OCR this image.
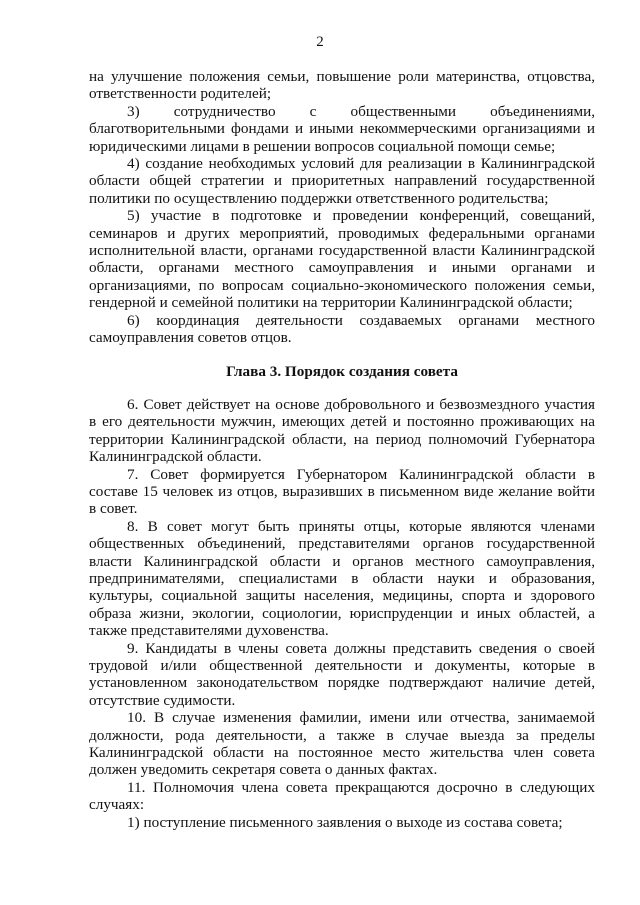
2

на улучшение положения семьи, повышение роли материнства, отцовства, ответственности родителей;

3) сотрудничество с общественными объединениями, благотворительными фондами и иными некоммерческими организациями и юридическими лицами в решении вопросов социальной помощи семье;

4) создание необходимых условий для реализации в Калининградской области общей стратегии и приоритетных направлений государственной политики по осуществлению поддержки ответственного родительства;

5) участие в подготовке и проведении конференций, совещаний, семинаров и других мероприятий, проводимых федеральными органами исполнительной власти, органами государственной власти Калининградской области, органами местного самоуправления и иными органами и организациями, по вопросам социально-экономического положения семьи, гендерной и семейной политики на территории Калининградской области;

6) координация деятельности создаваемых органами местного самоуправления советов отцов.

Глава 3. Порядок создания совета

6. Совет действует на основе добровольного и безвозмездного участия в его деятельности мужчин, имеющих детей и постоянно проживающих на территории Калининградской области, на период полномочий Губернатора Калининградской области.

7. Совет формируется Губернатором Калининградской области в составе 15 человек из отцов, выразивших в письменном виде желание войти в совет.

8. В совет могут быть приняты отцы, которые являются членами общественных объединений, представителями органов государственной власти Калининградской области и органов местного самоуправления, предпринимателями, специалистами в области науки и образования, культуры, социальной защиты населения, медицины, спорта и здорового образа жизни, экологии, социологии, юриспруденции и иных областей, а также представителями духовенства.

9. Кандидаты в члены совета должны представить сведения о своей трудовой и/или общественной деятельности и документы, которые в установленном законодательством порядке подтверждают наличие детей, отсутствие судимости.

10. В случае изменения фамилии, имени или отчества, занимаемой должности, рода деятельности, а также в случае выезда за пределы Калининградской области на постоянное место жительства член совета должен уведомить секретаря совета о данных фактах.

11. Полномочия члена совета прекращаются досрочно в следующих случаях:

1) поступление письменного заявления о выходе из состава совета;
